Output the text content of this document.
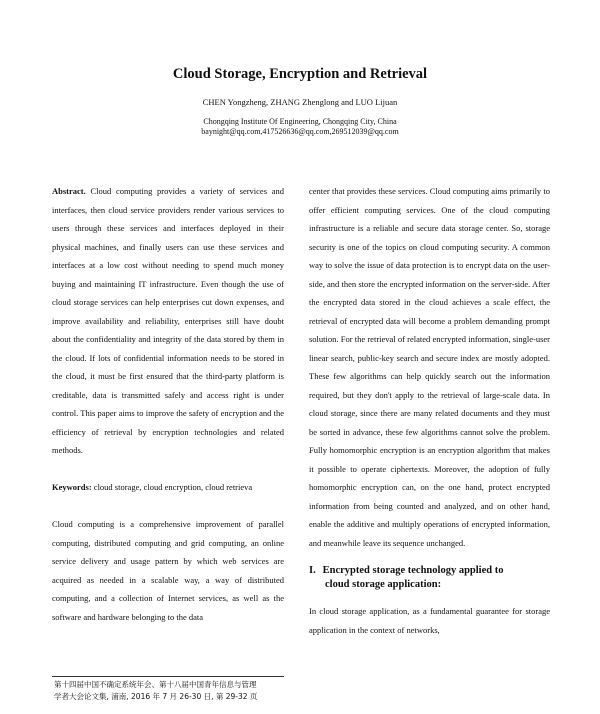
Cloud Storage, Encryption and Retrieval
CHEN Yongzheng, ZHANG Zhenglong and LUO Lijuan
Chongqing Institute Of Engineering, Chongqing City, China
baynight@qq.com,417526636@qq.com,269512039@qq.com

Abstract. Cloud computing provides a variety of services and interfaces, then cloud service providers render various services to users through these services and interfaces deployed in their physical machines, and finally users can use these services and interfaces at a low cost without needing to spend much money buying and maintaining IT infrastructure. Even though the use of cloud storage services can help enterprises cut down expenses, and improve availability and reliability, enterprises still have doubt about the confidentiality and integrity of the data stored by them in the cloud. If lots of confidential information needs to be stored in the cloud, it must be first ensured that the third-party platform is creditable, data is transmitted safely and access right is under control. This paper aims to improve the safety of encryption and the efficiency of retrieval by encryption technologies and related methods.

Keywords: cloud storage, cloud encryption, cloud retrieva

Cloud computing is a comprehensive improvement of parallel computing, distributed computing and grid computing, an online service delivery and usage pattern by which web services are acquired as needed in a scalable way, a way of distributed computing, and a collection of Internet services, as well as the software and hardware belonging to the data

center that provides these services. Cloud computing aims primarily to offer efficient computing services. One of the cloud computing infrastructure is a reliable and secure data storage center. So, storage security is one of the topics on cloud computing security. A common way to solve the issue of data protection is to encrypt data on the user-side, and then store the encrypted information on the server-side. After the encrypted data stored in the cloud achieves a scale effect, the retrieval of encrypted data will become a problem demanding prompt solution. For the retrieval of related encrypted information, single-user linear search, public-key search and secure index are mostly adopted. These few algorithms can help quickly search out the information required, but they don't apply to the retrieval of large-scale data. In cloud storage, since there are many related documents and they must be sorted in advance, these few algorithms cannot solve the problem. Fully homomorphic encryption is an encryption algorithm that makes it possible to operate ciphertexts. Moreover, the adoption of fully homomorphic encryption can, on the one hand, protect encrypted information from being counted and analyzed, and on other hand, enable the additive and multiply operations of encrypted information, and meanwhile leave its sequence unchanged.

I. Encrypted storage technology applied to
cloud storage application:

In cloud storage application, as a fundamental guarantee for storage application in the context of networks,

第十四届中国不确定系统年会、第十八届中国青年信息与管理
学者大会论文集, 浦南, 2016 年 7 月 26-30 日, 第 29-32 页
